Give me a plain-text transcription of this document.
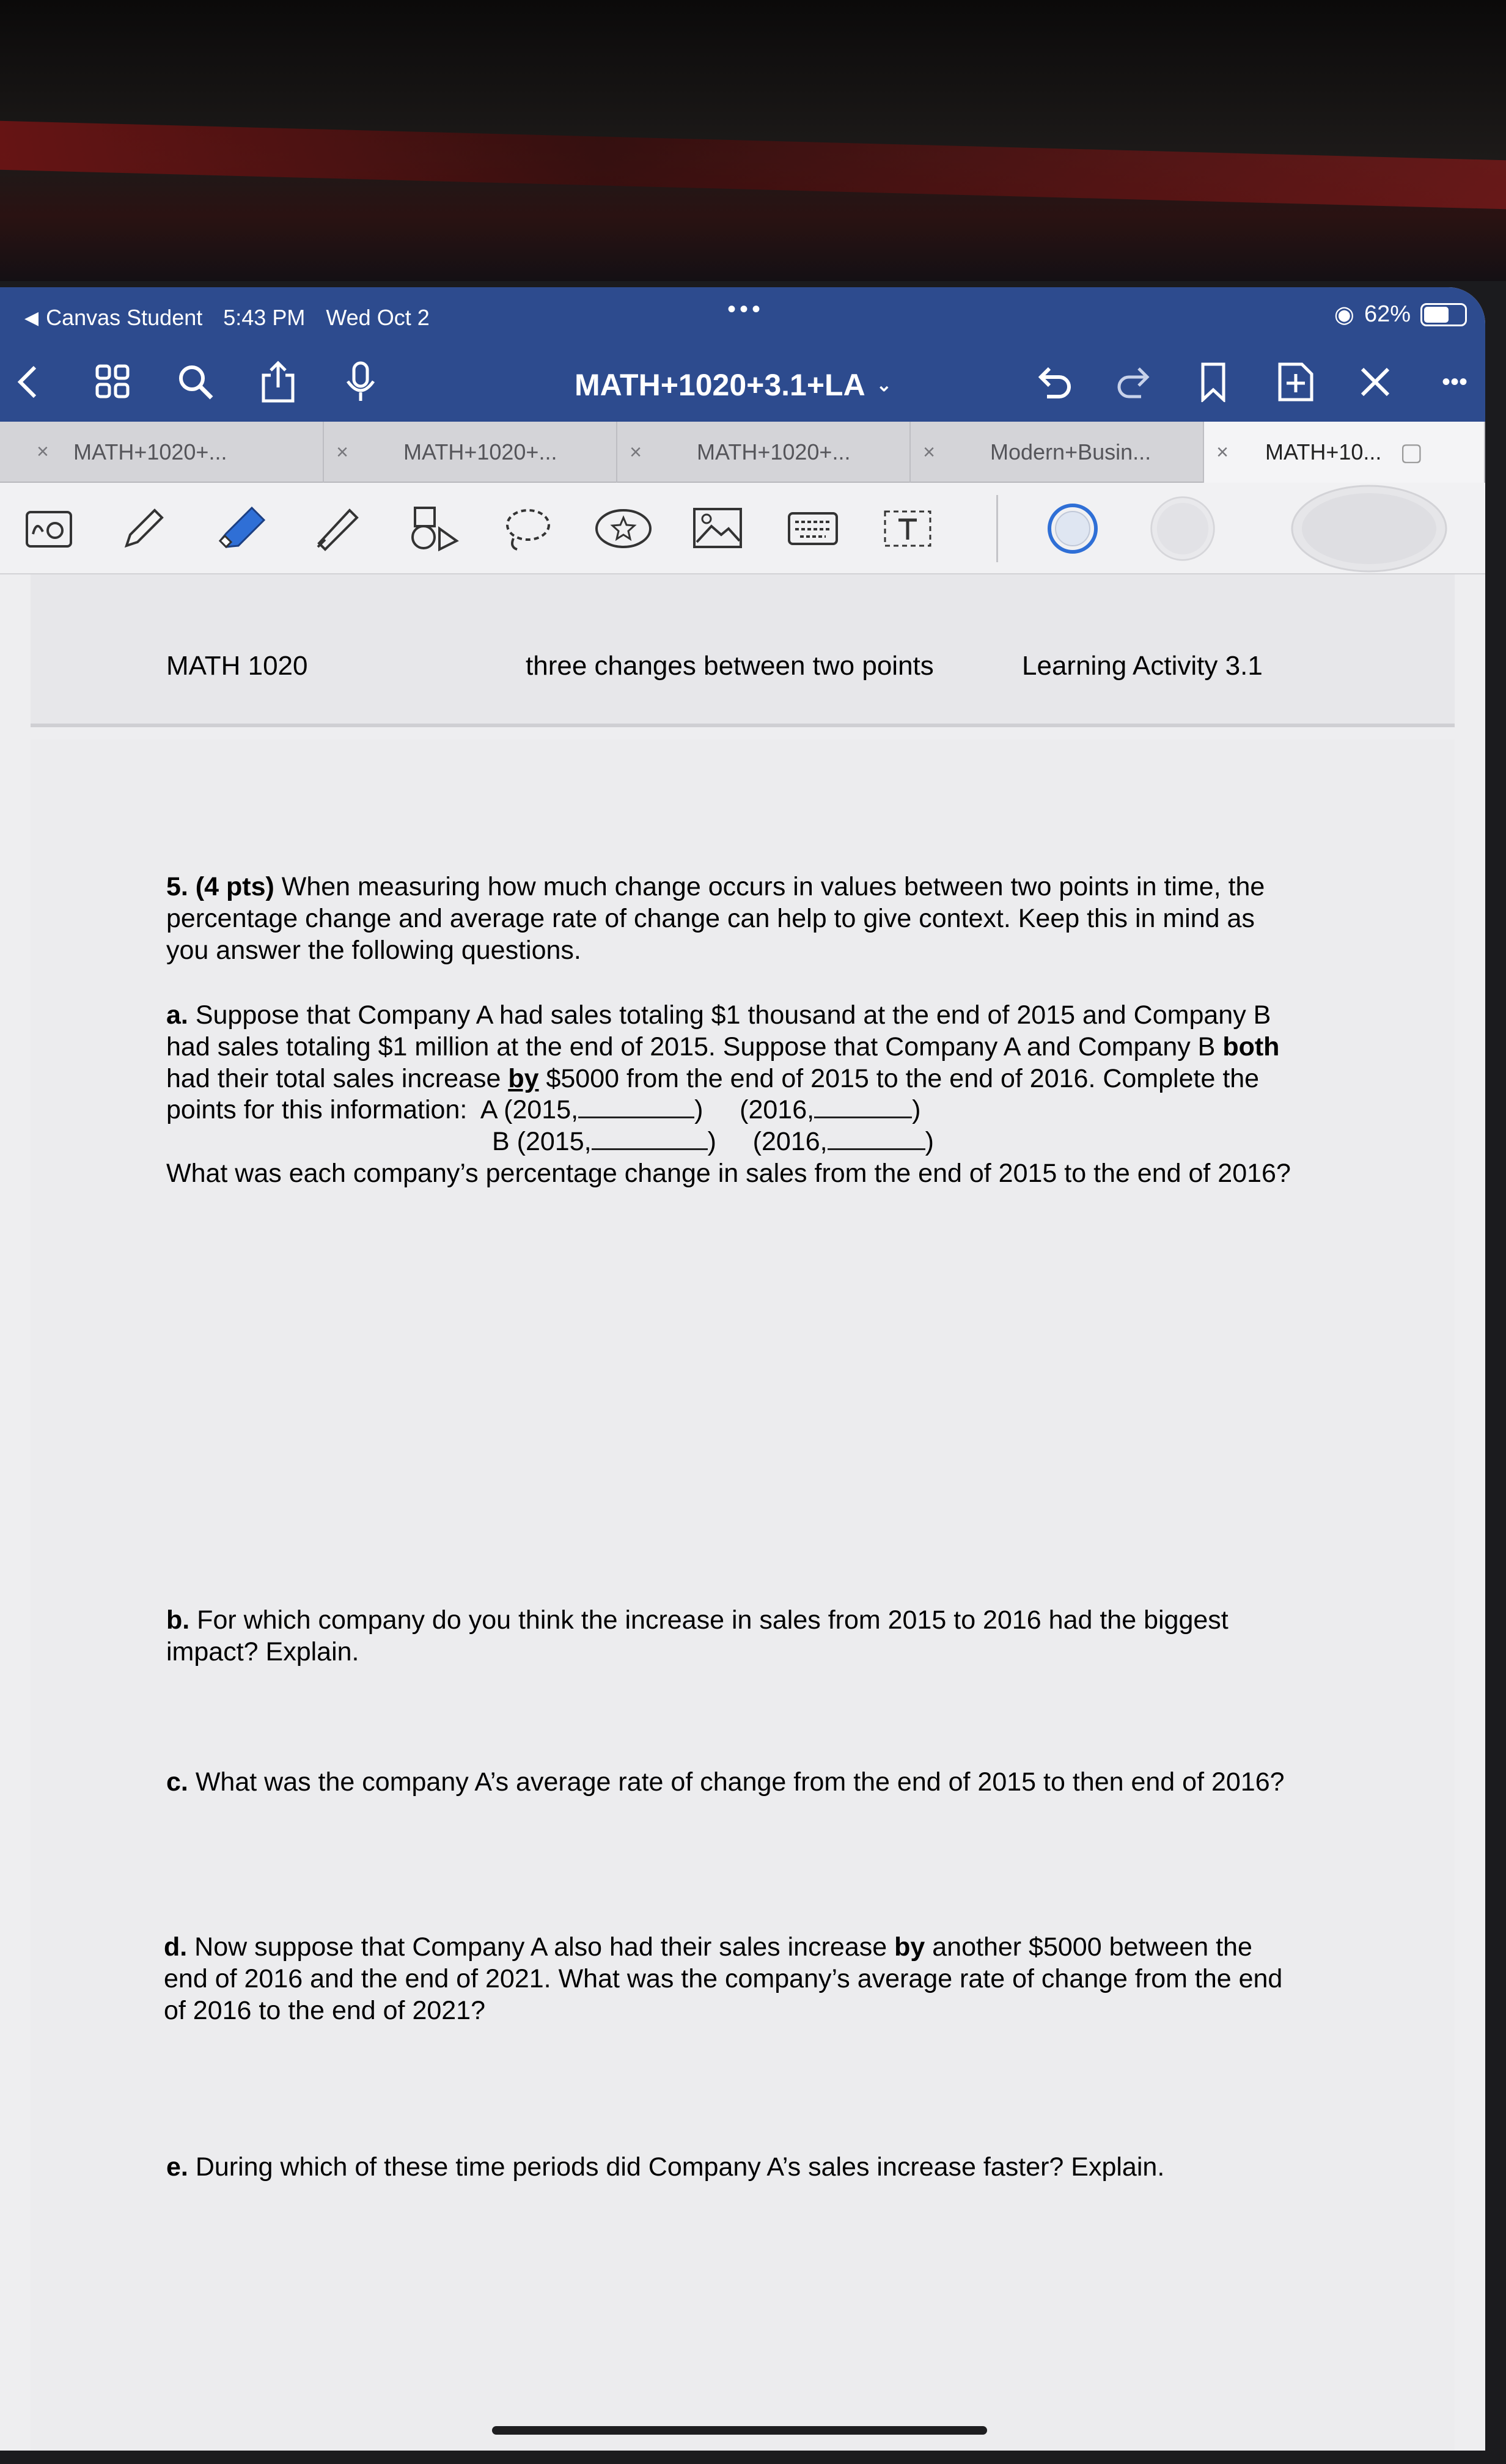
◀ Canvas Student 5:43 PM Wed Oct 2	•••	◉ 62%
MATH+1020+3.1+LA ⌄	•••
MATH+1020+...
×	×	MATH+1020+...	×	MATH+1020+...	×	Modern+Busin...	×	MATH+10... ▢
MATH 1020	three changes between two points	Learning Activity 3.1
5. (4 pts) When measuring how much change occurs in values between two points in time, the percentage change and average rate of change can help to give context. Keep this in mind as you answer the following questions.
a. Suppose that Company A had sales totaling $1 thousand at the end of 2015 and Company B had sales totaling $1 million at the end of 2015. Suppose that Company A and Company B both had their total sales increase by $5000 from the end of 2015 to the end of 2016. Complete the
points for this information: A (2015,	) (2016,	)
B (2015,	) (2016,	)
What was each company’s percentage change in sales from the end of 2015 to the end of 2016?
b. For which company do you think the increase in sales from 2015 to 2016 had the biggest impact? Explain.
c. What was the company A’s average rate of change from the end of 2015 to then end of 2016?
d. Now suppose that Company A also had their sales increase by another $5000 between the end of 2016 and the end of 2021. What was the company’s average rate of change from the end of 2016 to the end of 2021?
e. During which of these time periods did Company A’s sales increase faster? Explain.
